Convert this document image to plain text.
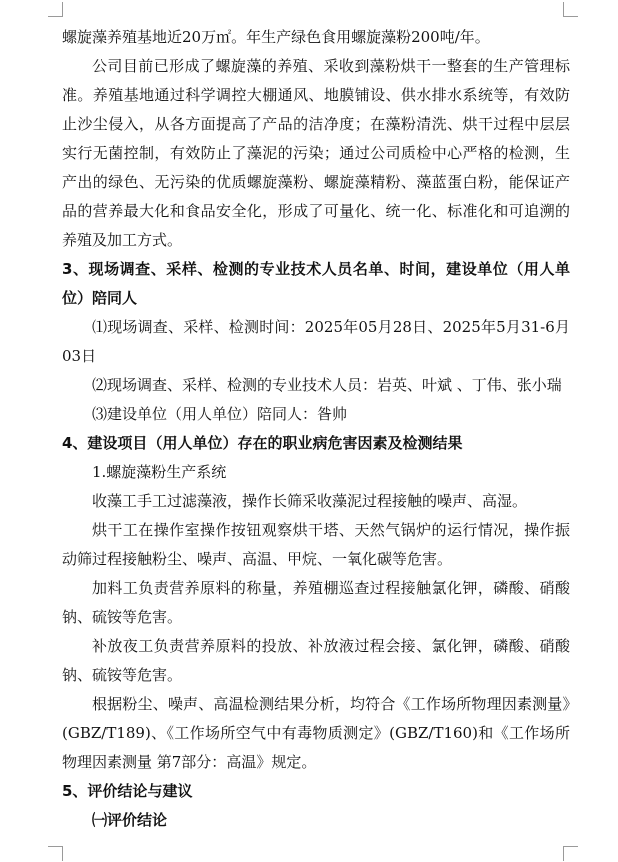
螺旋藻养殖基地近20万㎡。年生产绿色食用螺旋藻粉200吨/年。

公司目前已形成了螺旋藻的养殖、采收到藻粉烘干一整套的生产管理标准。养殖基地通过科学调控大棚通风、地膜铺设、供水排水系统等，有效防止沙尘侵入，从各方面提高了产品的洁净度；在藻粉清洗、烘干过程中层层实行无菌控制，有效防止了藻泥的污染；通过公司质检中心严格的检测，生产出的绿色、无污染的优质螺旋藻粉、螺旋藻精粉、藻蓝蛋白粉，能保证产品的营养最大化和食品安全化，形成了可量化、统一化、标准化和可追溯的养殖及加工方式。

3、现场调查、采样、检测的专业技术人员名单、时间，建设单位（用人单位）陪同人

⑴现场调查、采样、检测时间：2025年05月28日、2025年5月31-6月03日

⑵现场调查、采样、检测的专业技术人员：岩英、叶斌 、丁伟、张小瑞

⑶建设单位（用人单位）陪同人：昝帅

4、建设项目（用人单位）存在的职业病危害因素及检测结果

1.螺旋藻粉生产系统

收藻工手工过滤藻液，操作长筛采收藻泥过程接触的噪声、高湿。

烘干工在操作室操作按钮观察烘干塔、天然气锅炉的运行情况，操作振动筛过程接触粉尘、噪声、高温、甲烷、一氧化碳等危害。

加料工负责营养原料的称量，养殖棚巡查过程接触氯化钾，磷酸、硝酸钠、硫铵等危害。

补放夜工负责营养原料的投放、补放液过程会接、氯化钾，磷酸、硝酸钠、硫铵等危害。

根据粉尘、噪声、高温检测结果分析，均符合《工作场所物理因素测量》(GBZ/T189)、《工作场所空气中有毒物质测定》(GBZ/T160)和《工作场所物理因素测量 第7部分：高温》规定。

5、评价结论与建议

㈠评价结论
